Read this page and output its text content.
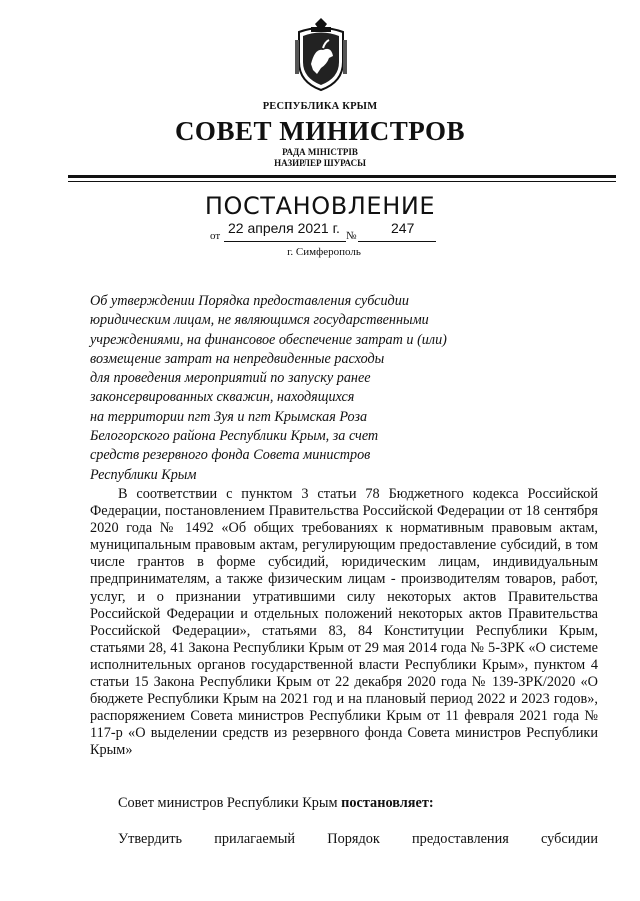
РЕСПУБЛИКА КРЫМ
СОВЕТ МИНИСТРОВ
РАДА МІНІСТРІВ
НАЗИРЛЕР ШУРАСЫ
ПОСТАНОВЛЕНИЕ
от 22 апреля 2021 г. № 247
г. Симферополь
Об утверждении Порядка предоставления субсидии
юридическим лицам, не являющимся государственными
учреждениями, на финансовое обеспечение затрат и (или)
возмещение затрат на непредвиденные расходы
для проведения мероприятий по запуску ранее
законсервированных скважин, находящихся
на территории пгт Зуя и пгт Крымская Роза
Белогорского района Республики Крым, за счет
средств резервного фонда Совета министров
Республики Крым

В соответствии с пунктом 3 статьи 78 Бюджетного кодекса Российской Федерации, постановлением Правительства Российской Федерации от 18 сентября 2020 года № 1492 «Об общих требованиях к нормативным правовым актам, муниципальным правовым актам, регулирующим предоставление субсидий, в том числе грантов в форме субсидий, юридическим лицам, индивидуальным предпринимателям, а также физическим лицам - производителям товаров, работ, услуг, и о признании утратившими силу некоторых актов Правительства Российской Федерации и отдельных положений некоторых актов Правительства Российской Федерации», статьями 83, 84 Конституции Республики Крым, статьями 28, 41 Закона Республики Крым от 29 мая 2014 года № 5-ЗРК «О системе исполнительных органов государственной власти Республики Крым», пунктом 4 статьи 15 Закона Республики Крым от 22 декабря 2020 года № 139-ЗРК/2020 «О бюджете Республики Крым на 2021 год и на плановый период 2022 и 2023 годов», распоряжением Совета министров Республики Крым от 11 февраля 2021 года № 117-р «О выделении средств из резервного фонда Совета министров Республики Крым»

Совет министров Республики Крым постановляет:
Утвердить прилагаемый Порядок предоставления субсидии
